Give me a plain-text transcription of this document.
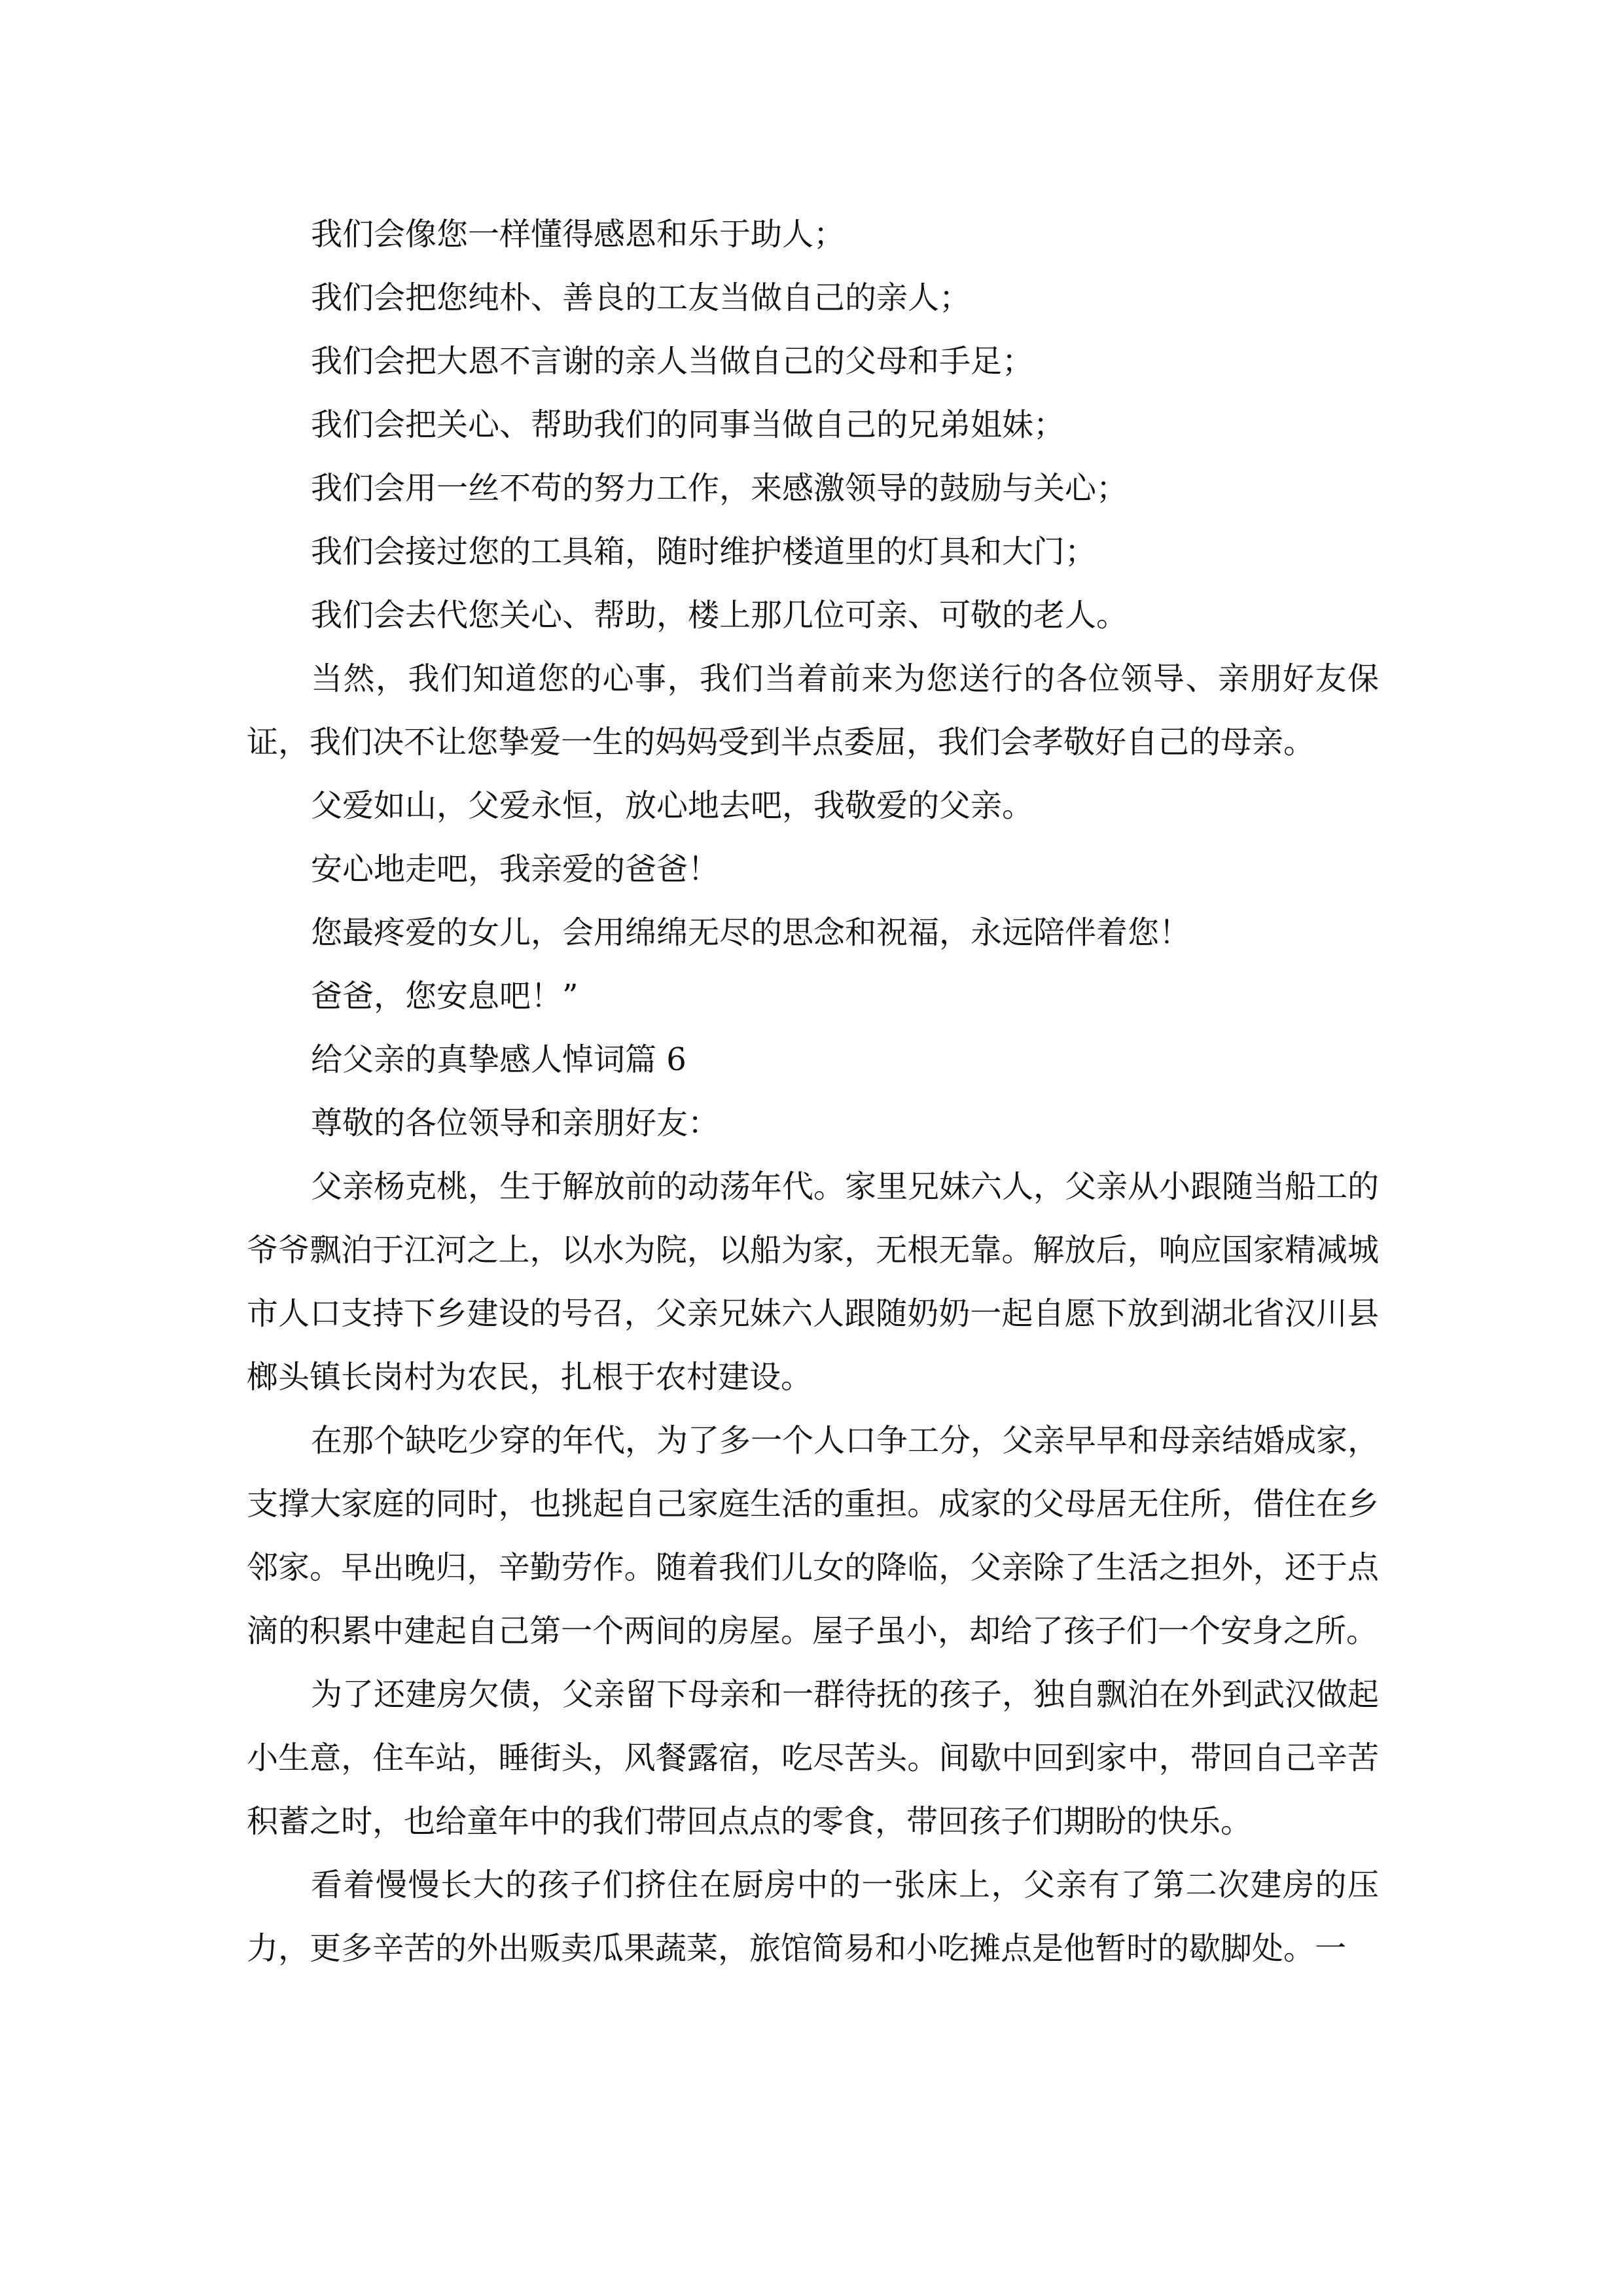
我们会像您一样懂得感恩和乐于助人；

我们会把您纯朴、善良的工友当做自己的亲人；

我们会把大恩不言谢的亲人当做自己的父母和手足；

我们会把关心、帮助我们的同事当做自己的兄弟姐妹；

我们会用一丝不苟的努力工作，来感激领导的鼓励与关心；

我们会接过您的工具箱，随时维护楼道里的灯具和大门；

我们会去代您关心、帮助，楼上那几位可亲、可敬的老人。

当然，我们知道您的心事，我们当着前来为您送行的各位领导、亲朋好友保证，我们决不让您挚爱一生的妈妈受到半点委屈，我们会孝敬好自己的母亲。

父爱如山，父爱永恒，放心地去吧，我敬爱的父亲。

安心地走吧，我亲爱的爸爸！

您最疼爱的女儿，会用绵绵无尽的思念和祝福，永远陪伴着您！

爸爸，您安息吧！”

给父亲的真挚感人悼词篇 6

尊敬的各位领导和亲朋好友：

父亲杨克桃，生于解放前的动荡年代。家里兄妹六人，父亲从小跟随当船工的爷爷飘泊于江河之上，以水为院，以船为家，无根无靠。解放后，响应国家精减城市人口支持下乡建设的号召，父亲兄妹六人跟随奶奶一起自愿下放到湖北省汉川县榔头镇长岗村为农民，扎根于农村建设。

在那个缺吃少穿的年代，为了多一个人口争工分，父亲早早和母亲结婚成家，支撑大家庭的同时，也挑起自己家庭生活的重担。成家的父母居无住所，借住在乡邻家。早出晚归，辛勤劳作。随着我们儿女的降临，父亲除了生活之担外，还于点滴的积累中建起自己第一个两间的房屋。屋子虽小，却给了孩子们一个安身之所。

为了还建房欠债，父亲留下母亲和一群待抚的孩子，独自飘泊在外到武汉做起小生意，住车站，睡街头，风餐露宿，吃尽苦头。间歇中回到家中，带回自己辛苦积蓄之时，也给童年中的我们带回点点的零食，带回孩子们期盼的快乐。

看着慢慢长大的孩子们挤住在厨房中的一张床上，父亲有了第二次建房的压力，更多辛苦的外出贩卖瓜果蔬菜，旅馆简易和小吃摊点是他暂时的歇脚处。一
